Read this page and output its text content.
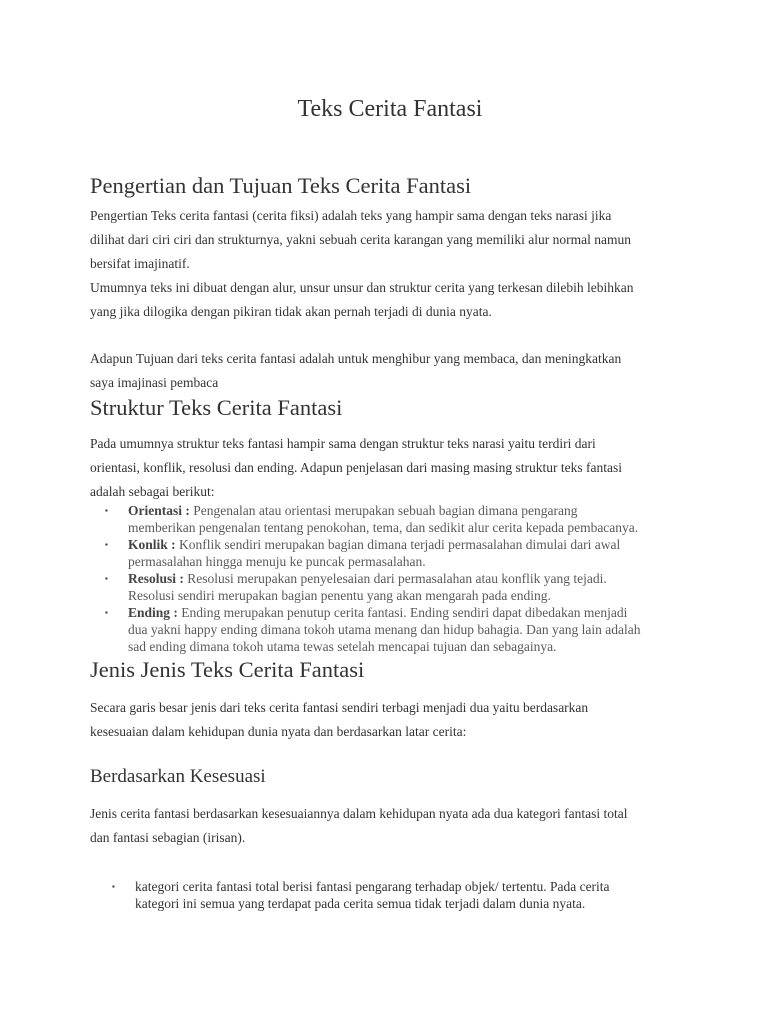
Teks Cerita Fantasi
Pengertian dan Tujuan Teks Cerita Fantasi
Pengertian Teks cerita fantasi (cerita fiksi) adalah teks yang hampir sama dengan teks narasi jika
dilihat dari ciri ciri dan strukturnya, yakni sebuah cerita karangan yang memiliki alur normal namun
bersifat imajinatif.
Umumnya teks ini dibuat dengan alur, unsur unsur dan struktur cerita yang terkesan dilebih lebihkan
yang jika dilogika dengan pikiran tidak akan pernah terjadi di dunia nyata.
Adapun Tujuan dari teks cerita fantasi adalah untuk menghibur yang membaca, dan meningkatkan
saya imajinasi pembaca
Struktur Teks Cerita Fantasi
Pada umumnya struktur teks fantasi hampir sama dengan struktur teks narasi yaitu terdiri dari
orientasi, konflik, resolusi dan ending. Adapun penjelasan dari masing masing struktur teks fantasi
adalah sebagai berikut:
▪ Orientasi : Pengenalan atau orientasi merupakan sebuah bagian dimana pengarang
memberikan pengenalan tentang penokohan, tema, dan sedikit alur cerita kepada pembacanya.
▪ Konlik : Konflik sendiri merupakan bagian dimana terjadi permasalahan dimulai dari awal
permasalahan hingga menuju ke puncak permasalahan.
▪ Resolusi : Resolusi merupakan penyelesaian dari permasalahan atau konflik yang tejadi.
Resolusi sendiri merupakan bagian penentu yang akan mengarah pada ending.
▪ Ending : Ending merupakan penutup cerita fantasi. Ending sendiri dapat dibedakan menjadi
dua yakni happy ending dimana tokoh utama menang dan hidup bahagia. Dan yang lain adalah
sad ending dimana tokoh utama tewas setelah mencapai tujuan dan sebagainya.
Jenis Jenis Teks Cerita Fantasi
Secara garis besar jenis dari teks cerita fantasi sendiri terbagi menjadi dua yaitu berdasarkan
kesesuaian dalam kehidupan dunia nyata dan berdasarkan latar cerita:
Berdasarkan Kesesuasi
Jenis cerita fantasi berdasarkan kesesuaiannya dalam kehidupan nyata ada dua kategori fantasi total
dan fantasi sebagian (irisan).
▪ kategori cerita fantasi total berisi fantasi pengarang terhadap objek/ tertentu. Pada cerita
kategori ini semua yang terdapat pada cerita semua tidak terjadi dalam dunia nyata.
